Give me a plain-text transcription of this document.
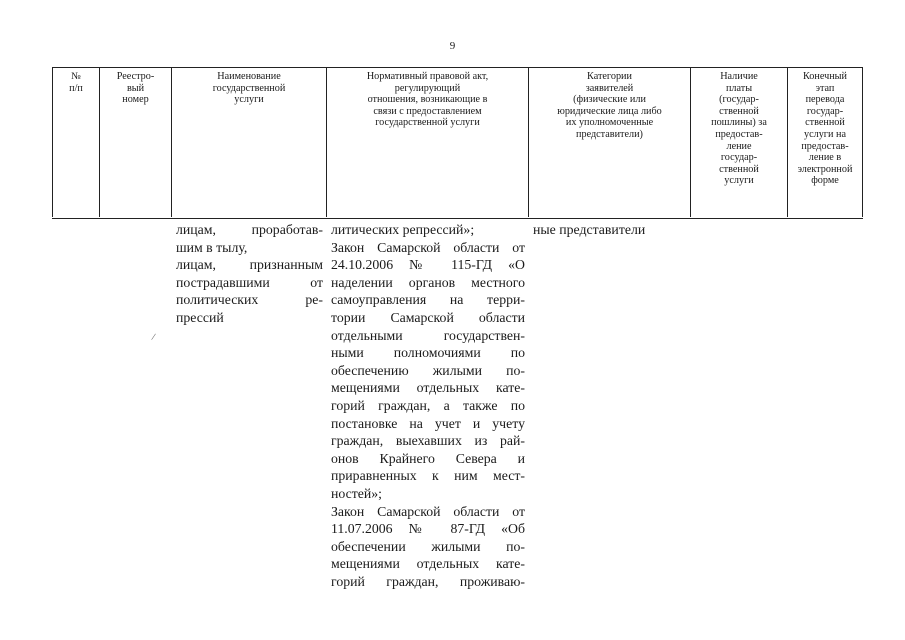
9
№
п/п
Реестро-
вый
номер
Наименование
государственной
услуги
Нормативный правовой акт,
регулирующий
отношения, возникающие в
связи с предоставлением
государственной услуги
Категории
заявителей
(физические или
юридические лица либо
их уполномоченные
представители)
Наличие
платы
(государ-
ственной
пошлины) за
предостав-
ление
государ-
ственной
услуги
Конечный
этап
перевода
государ-
ственной
услуги на
предостав-
ление в
электронной
форме
лицам, проработав-
шим в тылу,
лицам, признанным
пострадавшими от
политических ре-
прессий
литических репрессий»;
Закон Самарской области от
24.10.2006 № 115-ГД «О
наделении органов местного
самоуправления на терри-
тории Самарской области
отдельными государствен-
ными полномочиями по
обеспечению жилыми по-
мещениями отдельных кате-
горий граждан, а также по
постановке на учет и учету
граждан, выехавших из рай-
онов Крайнего Севера и
приравненных к ним мест-
ностей»;
Закон Самарской области от
11.07.2006 № 87-ГД «Об
обеспечении жилыми по-
мещениями отдельных кате-
горий граждан, проживаю-
ные представители
/
